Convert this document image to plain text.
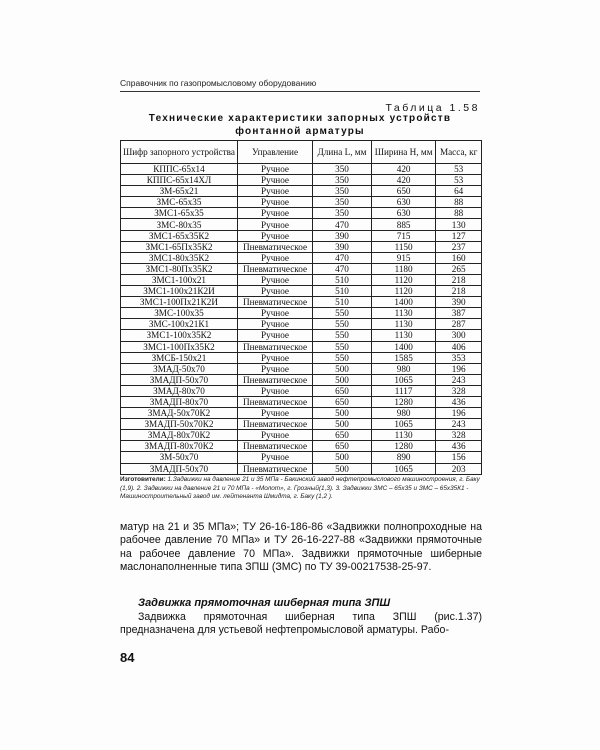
Справочник по газопромысловому оборудованию
Таблица 1.58
Технические характеристики запорных устройств
фонтанной арматуры
Шифр запорного устройства	Управление	Длина L, мм	Ширина H, мм	Масса, кг
КППС-65х14	Ручное	350	420	53
КППС-65х14ХЛ	Ручное	350	420	53
ЗМ-65х21	Ручное	350	650	64
ЗМС-65х35	Ручное	350	630	88
ЗМС1-65х35	Ручное	350	630	88
ЗМС-80х35	Ручное	470	885	130
ЗМС1-65х35К2	Ручное	390	715	127
ЗМС1-65Пх35К2	Пневматическое	390	1150	237
ЗМС1-80х35К2	Ручное	470	915	160
ЗМС1-80Пх35К2	Пневматическое	470	1180	265
ЗМС1-100х21	Ручное	510	1120	218
ЗМС1-100х21К2И	Ручное	510	1120	218
ЗМС1-100Пх21К2И	Пневматическое	510	1400	390
ЗМС-100х35	Ручное	550	1130	387
ЗМС-100х21К1	Ручное	550	1130	287
ЗМС1-100х35К2	Ручное	550	1130	300
ЗМС1-100Пх35К2	Пневматическое	550	1400	406
ЗМСБ-150х21	Ручное	550	1585	353
ЗМАД-50х70	Ручное	500	980	196
ЗМАДП-50х70	Пневматическое	500	1065	243
ЗМАД-80х70	Ручное	650	1117	328
ЗМАДП-80х70	Пневматическое	650	1280	436
ЗМАД-50х70К2	Ручное	500	980	196
ЗМАДП-50х70К2	Пневматическое	500	1065	243
ЗМАД-80х70К2	Ручное	650	1130	328
ЗМАДП-80х70К2	Пневматическое	650	1280	436
ЗМ-50х70	Ручное	500	890	156
ЗМАДП-50х70	Пневматическое	500	1065	203
Изготовители: 1.Задвижки на давление 21 и 35 МПа - Бакинский завод нефтепромыслового машиностроения, г. Баку (1,9). 2. Задвижки на давление 21 и 70 МПа - «Молот», г. Грозный(1,3). 3. Задвижки ЗМС – 65х35 и ЗМС – 65х35К1 - Машиностроительный завод им. лейтенанта Шмидта, г. Баку (1,2 ).
матур на 21 и 35 МПа»; ТУ 26-16-186-86 «Задвижки полнопроходные на рабочее давление 70 МПа» и ТУ 26-16-227-88 «Задвижки прямоточные на рабочее давление 70 МПа». Задвижки прямоточные шиберные маслонаполненные типа ЗПШ (ЗМС) по ТУ 39-00217538-25-97.
Задвижка прямоточная шиберная типа ЗПШ
Задвижка прямоточная шиберная типа ЗПШ (рис.1.37) предназначена для устьевой нефтепромысловой арматуры. Рабо-
84
